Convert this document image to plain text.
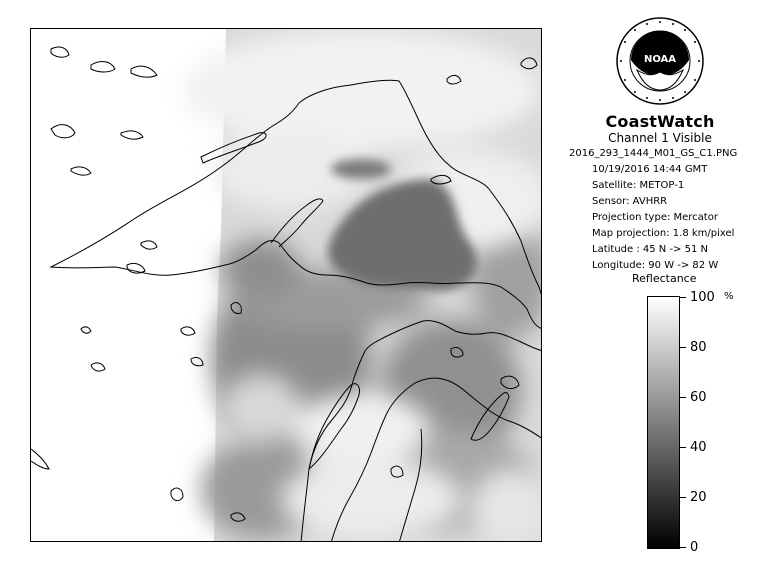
NOAA
CoastWatch
Channel 1 Visible
2016_293_1444_M01_GS_C1.PNG
10/19/2016 14:44 GMT
Satellite: METOP-1
Sensor: AVHRR
Projection type: Mercator
Map projection: 1.8 km/pixel
Latitude : 45 N -> 51 N
Longitude: 90 W -> 82 W
Reflectance
%
100
80
60
40
20
0
